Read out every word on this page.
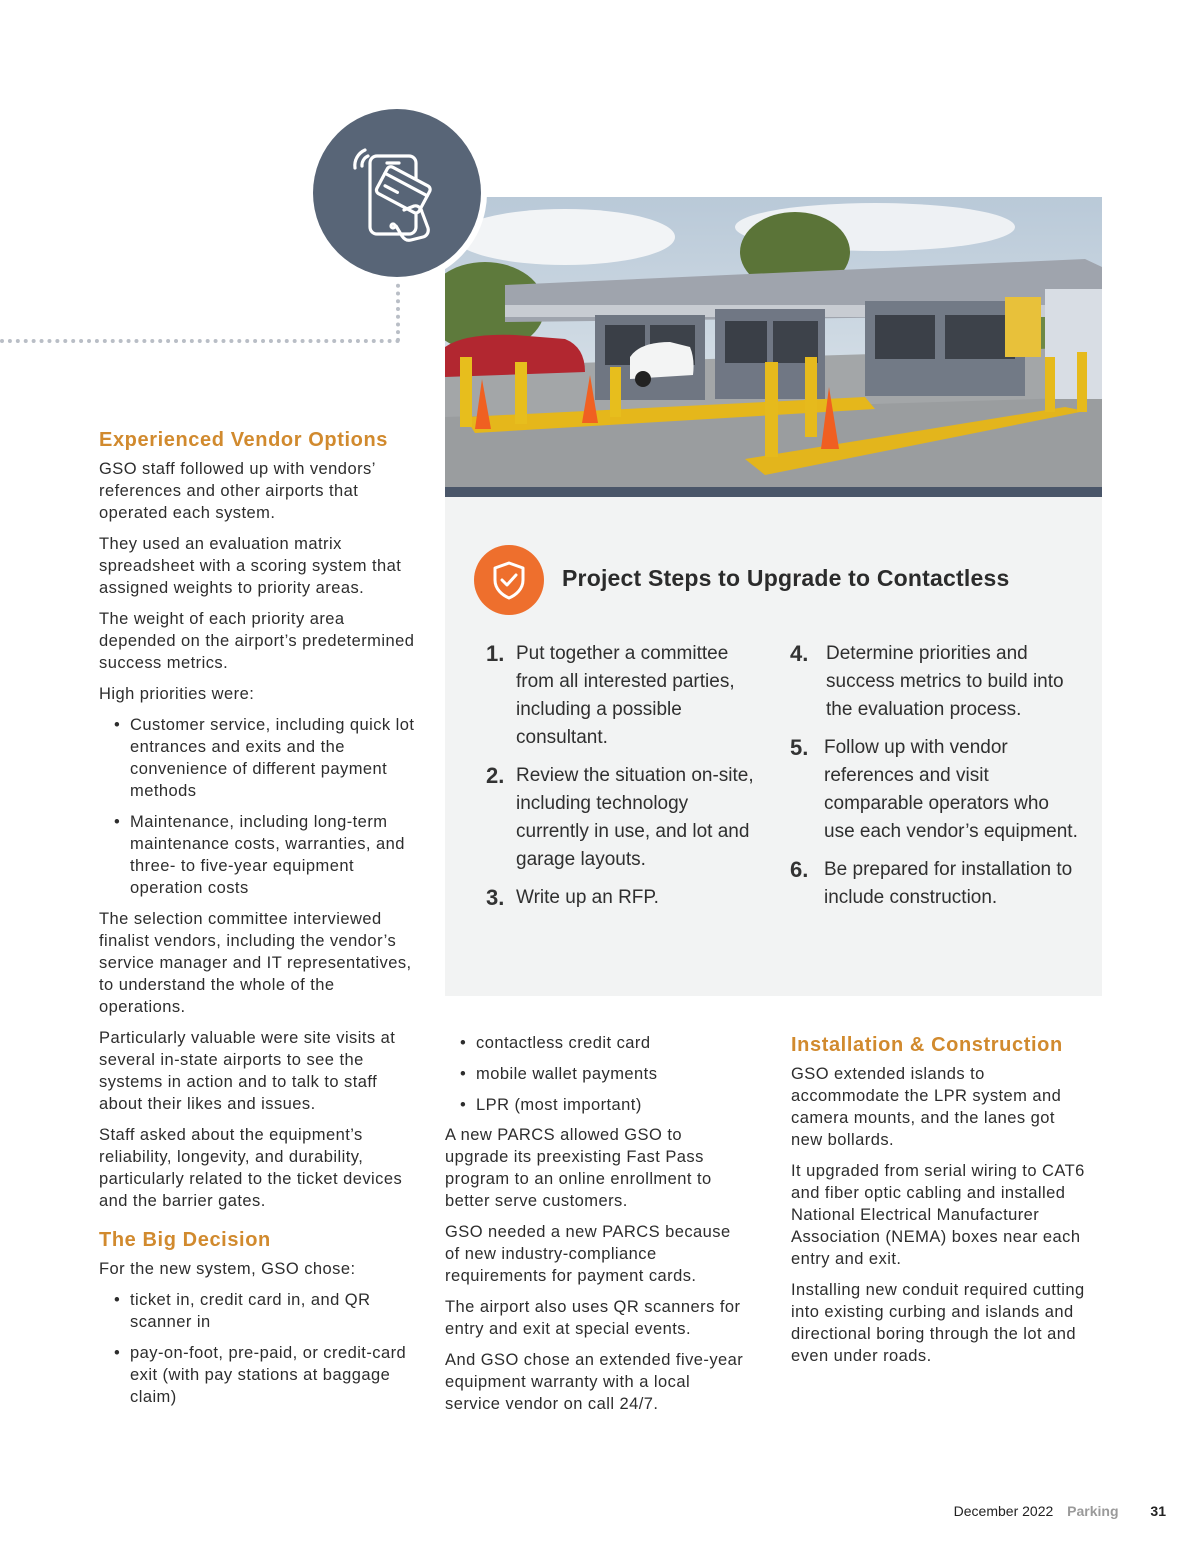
Project Steps to Upgrade to Contactless
1. Put together a committee from all interested parties, including a possible consultant.
2. Review the situation on-site, including technology currently in use, and lot and garage layouts.
3. Write up an RFP.
4. Determine priorities and success metrics to build into the evaluation process.
5. Follow up with vendor references and visit comparable operators who use each vendor’s equipment.
6. Be prepared for installation to include construction.
Experienced Vendor Options

GSO staff followed up with vendors’ references and other airports that operated each system.

They used an evaluation matrix spreadsheet with a scoring system that assigned weights to priority areas.

The weight of each priority area depended on the airport’s predetermined success metrics.

High priorities were:

• Customer service, including quick lot entrances and exits and the convenience of different payment methods
• Maintenance, including long-term maintenance costs, warranties, and three- to five-year equipment operation costs

The selection committee interviewed finalist vendors, including the vendor’s service manager and IT representatives, to understand the whole of the operations.

Particularly valuable were site visits at several in-state airports to see the systems in action and to talk to staff about their likes and issues.

Staff asked about the equipment’s reliability, longevity, and durability, particularly related to the ticket devices and the barrier gates.

The Big Decision

For the new system, GSO chose:

• ticket in, credit card in, and QR scanner in
• pay-on-foot, pre-paid, or credit-card exit (with pay stations at baggage claim)
• contactless credit card
• mobile wallet payments
• LPR (most important)

A new PARCS allowed GSO to upgrade its preexisting Fast Pass program to an online enrollment to better serve customers.

GSO needed a new PARCS because of new industry-compliance requirements for payment cards.

The airport also uses QR scanners for entry and exit at special events.

And GSO chose an extended five-year equipment warranty with a local service vendor on call 24/7.

Installation & Construction

GSO extended islands to accommodate the LPR system and camera mounts, and the lanes got new bollards.

It upgraded from serial wiring to CAT6 and fiber optic cabling and installed National Electrical Manufacturer Association (NEMA) boxes near each entry and exit.

Installing new conduit required cutting into existing curbing and islands and directional boring through the lot and even under roads.

December 2022 Parking 31
